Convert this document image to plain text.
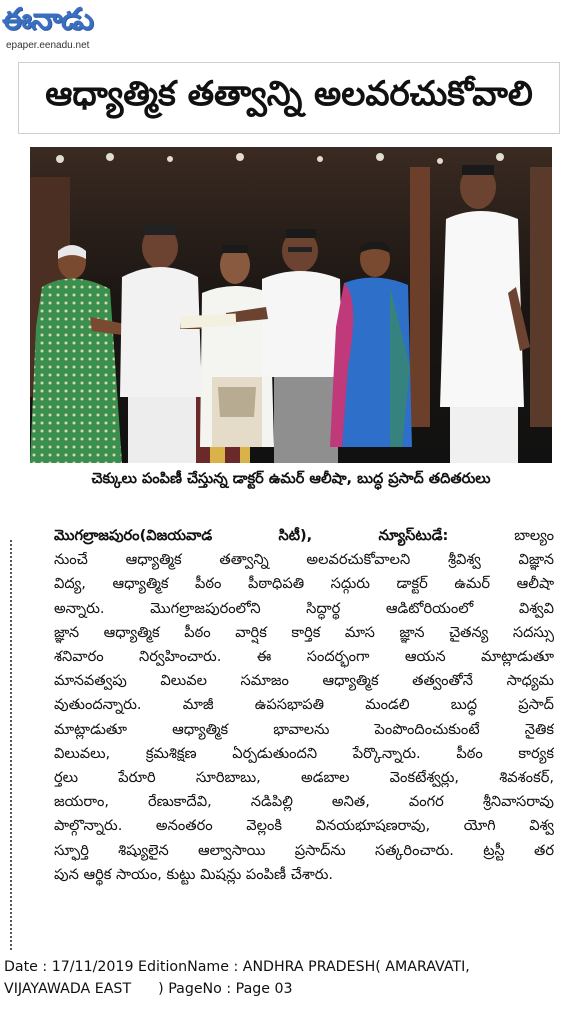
ఈనాడు
epaper.eenadu.net
ఆధ్యాత్మిక తత్వాన్ని అలవరచుకోవాలి
చెక్కులు పంపిణీ చేస్తున్న డాక్టర్ ఉమర్ ఆలీషా, బుద్ధ ప్రసాద్ తదితరులు
మొగల్రాజపురం(విజయవాడ సిటీ), న్యూస్‌టుడే:	బాల్యం
నుంచే ఆధ్యాత్మిక తత్వాన్ని అలవరచుకోవాలని శ్రీవిశ్వ విజ్ఞాన
విద్య, ఆధ్యాత్మిక పీఠం పీఠాధిపతి సద్గురు డాక్టర్ ఉమర్ ఆలీషా
అన్నారు. మొగల్రాజపురంలోని సిద్ధార్థ ఆడిటోరియంలో విశ్వవి
జ్ఞాన ఆధ్యాత్మిక పీఠం వార్షిక కార్తిక మాస జ్ఞాన చైతన్య సదస్సు
శనివారం నిర్వహించారు. ఈ సందర్భంగా ఆయన మాట్లాడుతూ
మానవత్వపు విలువల సమాజం ఆధ్యాత్మిక తత్వంతోనే సాధ్యమ
వుతుందన్నారు. మాజీ ఉపసభాపతి మండలి బుద్ధ ప్రసాద్
మాట్లాడుతూ ఆధ్యాత్మిక భావాలను పెంపొందించుకుంటే నైతిక
విలువలు, క్రమశిక్షణ ఏర్పడుతుందని పేర్కొన్నారు. పీఠం కార్యక
ర్తలు పేరూరి సూరిబాబు, అడబాల వెంకటేశ్వర్లు, శివశంకర్,
జయరాం, రేణుకాదేవి, నడిపిల్లి అనిత, వంగర శ్రీనివాసరావు
పాల్గొన్నారు. అనంతరం వెల్లంకి వినయభూషణరావు, యోగి విశ్వ
స్ఫూర్తి శిష్యులైన ఆల్వాసాయి ప్రసాద్‌ను సత్కరించారు. ట్రస్టీ తర
పున ఆర్థిక సాయం, కుట్టు మిషన్లు పంపిణీ చేశారు.
Date : 17/11/2019 EditionName : ANDHRA PRADESH( AMARAVATI,
VIJAYAWADA EAST      ) PageNo : Page 03
